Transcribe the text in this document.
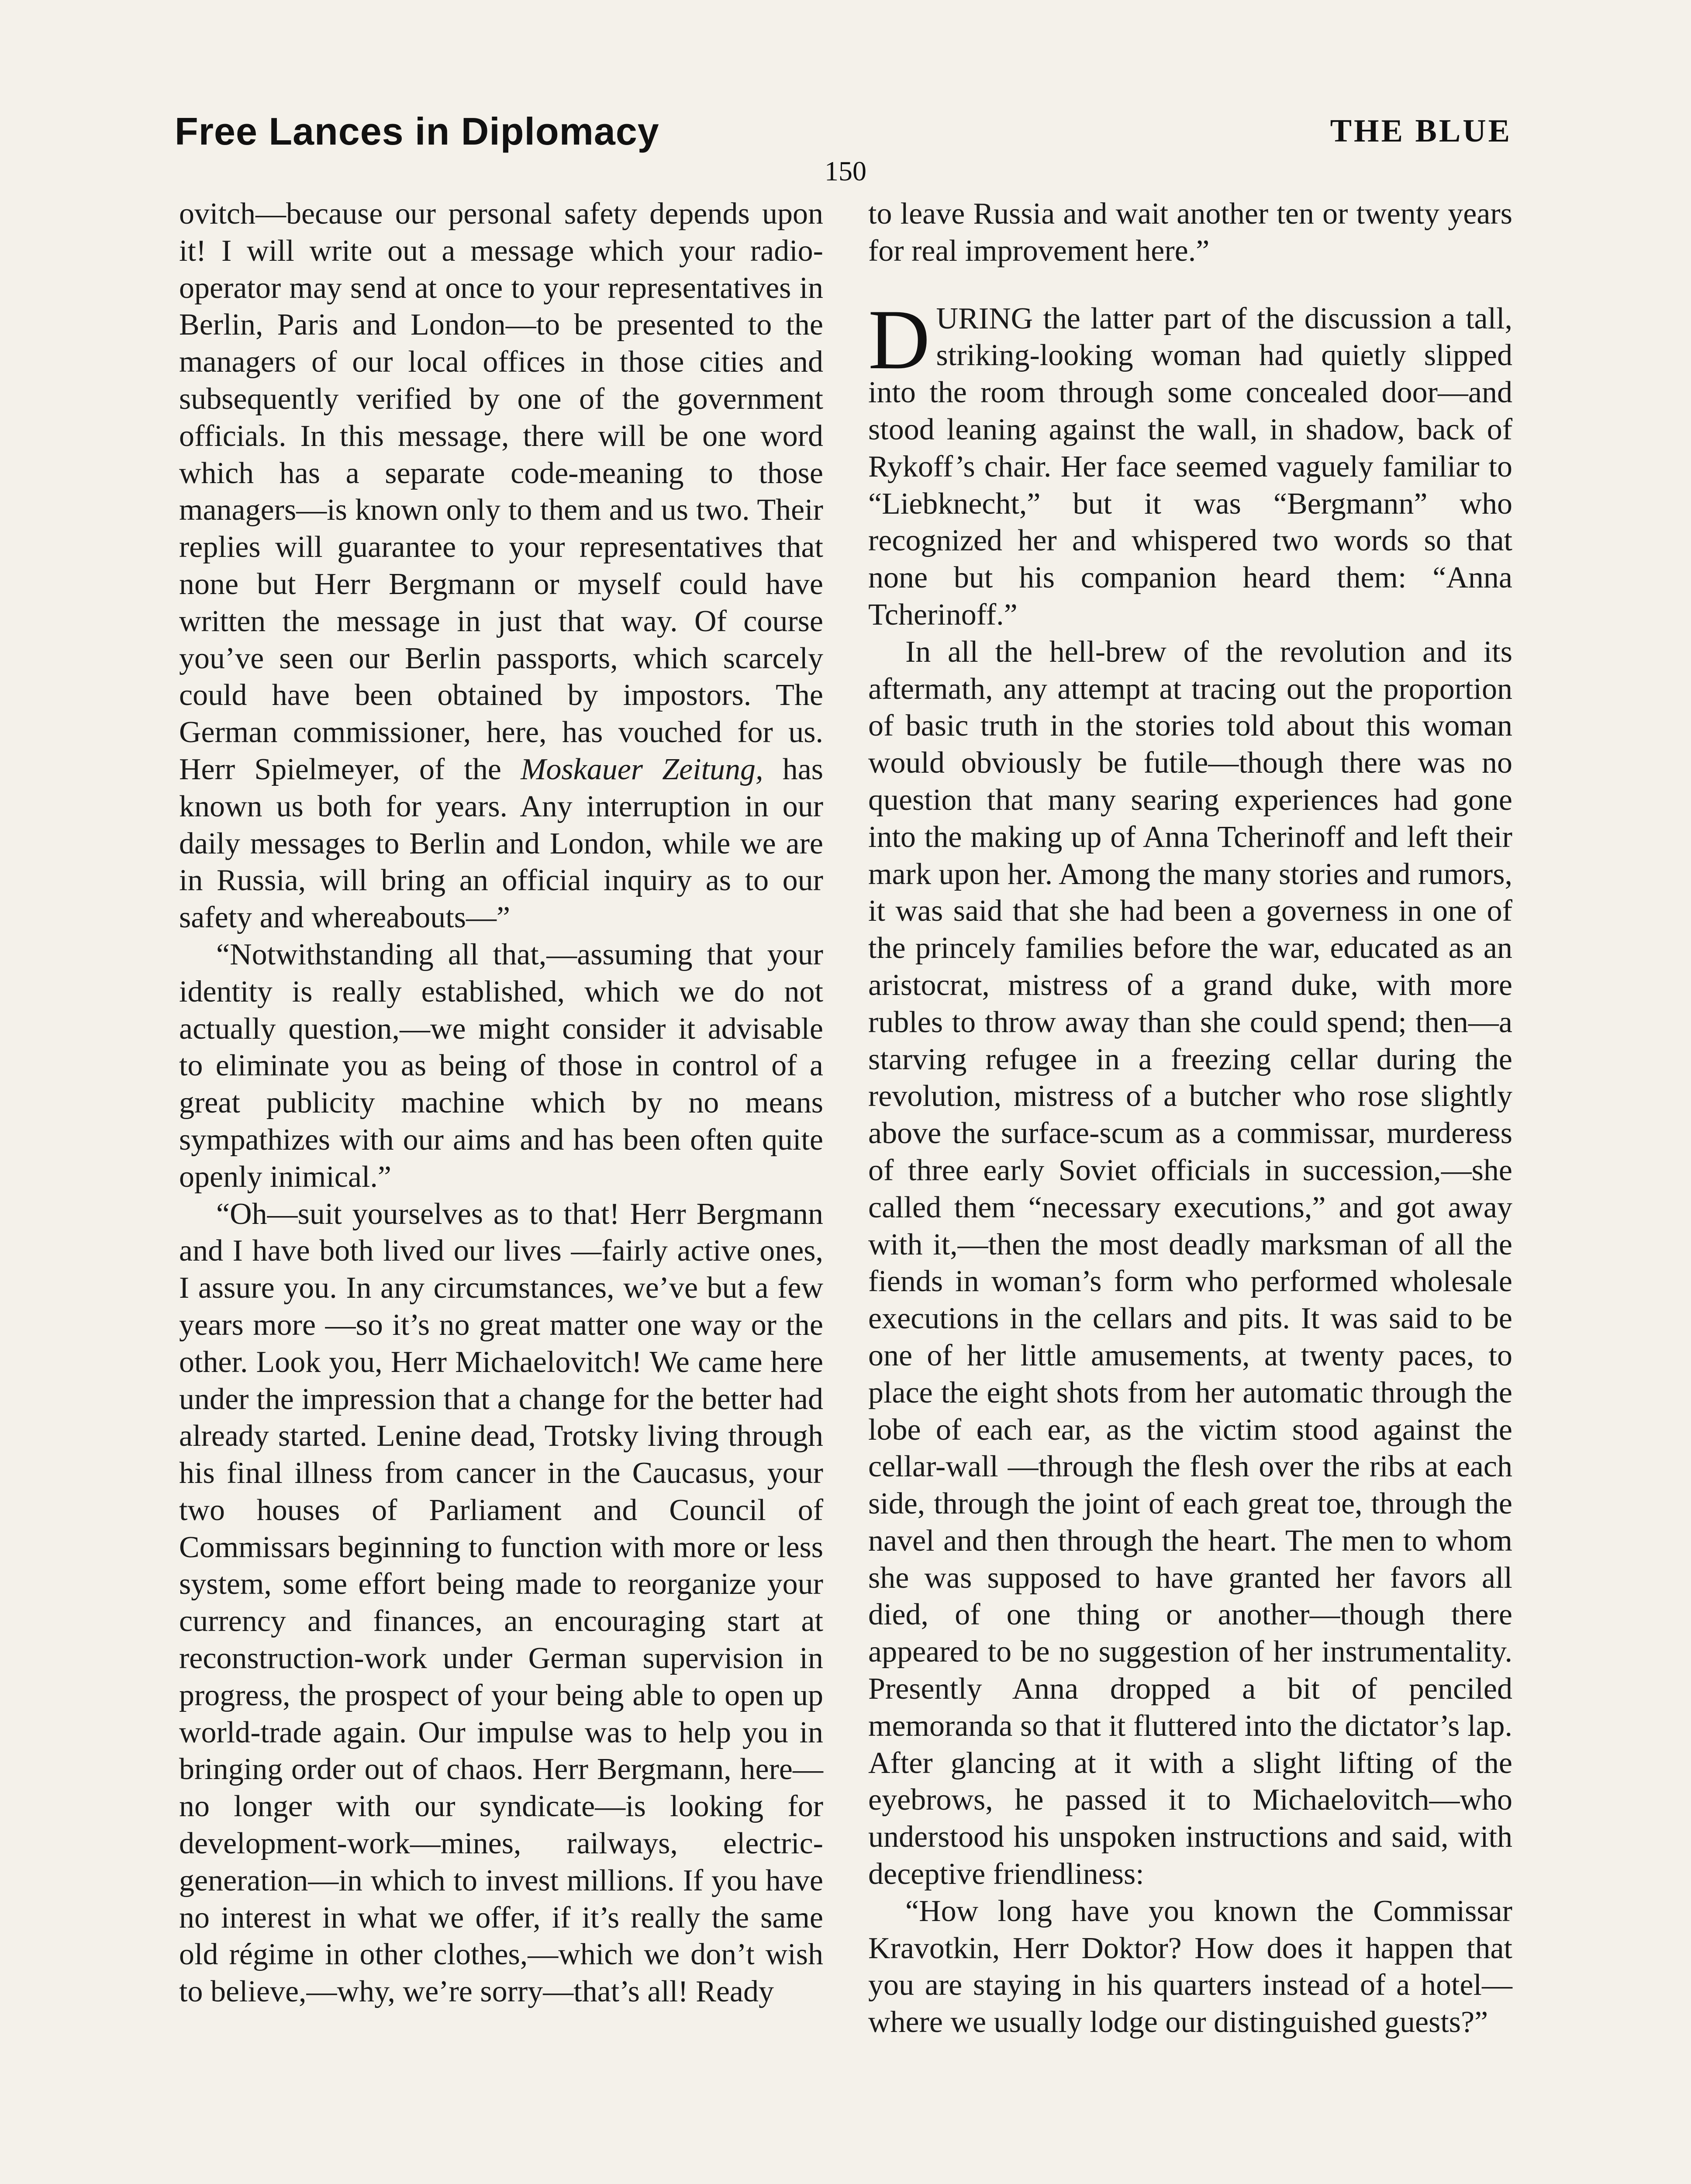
Free Lances in Diplomacy	THE BLUE
150

ovitch—because our personal safety depends upon it! I will write out a message which your radio-operator may send at once to your representatives in Berlin, Paris and London—to be presented to the managers of our local offices in those cities and subsequently verified by one of the government officials. In this message, there will be one word which has a separate code-meaning to those managers—is known only to them and us two. Their replies will guarantee to your representatives that none but Herr Bergmann or myself could have written the message in just that way. Of course you’ve seen our Berlin passports, which scarcely could have been obtained by impostors. The German commissioner, here, has vouched for us. Herr Spielmeyer, of the Moskauer Zeitung, has known us both for years. Any interruption in our daily messages to Berlin and London, while we are in Russia, will bring an official inquiry as to our safety and whereabouts—”

“Notwithstanding all that,—assuming that your identity is really established, which we do not actually question,—we might consider it advisable to eliminate you as being of those in control of a great publicity machine which by no means sympathizes with our aims and has been often quite openly inimical.”

“Oh—suit yourselves as to that! Herr Bergmann and I have both lived our lives —fairly active ones, I assure you. In any circumstances, we’ve but a few years more —so it’s no great matter one way or the other. Look you, Herr Michaelovitch! We came here under the impression that a change for the better had already started. Lenine dead, Trotsky living through his final illness from cancer in the Caucasus, your two houses of Parliament and Council of Commissars beginning to function with more or less system, some effort being made to reorganize your currency and finances, an encouraging start at reconstruction-work under German supervision in progress, the prospect of your being able to open up world-trade again. Our impulse was to help you in bringing order out of chaos. Herr Bergmann, here—no longer with our syndicate—is looking for development-work—mines, railways, electric-generation—in which to invest millions. If you have no interest in what we offer, if it’s really the same old régime in other clothes,—which we don’t wish to believe,—why, we’re sorry—that’s all! Ready

to leave Russia and wait another ten or twenty years for real improvement here.”

DURING the latter part of the discussion a tall, striking-looking woman had quietly slipped into the room through some concealed door—and stood leaning against the wall, in shadow, back of Rykoff’s chair. Her face seemed vaguely familiar to “Liebknecht,” but it was “Bergmann” who recognized her and whispered two words so that none but his companion heard them: “Anna Tcherinoff.”

In all the hell-brew of the revolution and its aftermath, any attempt at tracing out the proportion of basic truth in the stories told about this woman would obviously be futile—though there was no question that many searing experiences had gone into the making up of Anna Tcherinoff and left their mark upon her. Among the many stories and rumors, it was said that she had been a governess in one of the princely families before the war, educated as an aristocrat, mistress of a grand duke, with more rubles to throw away than she could spend; then—a starving refugee in a freezing cellar during the revolution, mistress of a butcher who rose slightly above the surface-scum as a commissar, murderess of three early Soviet officials in succession,—she called them “necessary executions,” and got away with it,—then the most deadly marksman of all the fiends in woman’s form who performed wholesale executions in the cellars and pits. It was said to be one of her little amusements, at twenty paces, to place the eight shots from her automatic through the lobe of each ear, as the victim stood against the cellar-wall —through the flesh over the ribs at each side, through the joint of each great toe, through the navel and then through the heart. The men to whom she was supposed to have granted her favors all died, of one thing or another—though there appeared to be no suggestion of her instrumentality. Presently Anna dropped a bit of penciled memoranda so that it fluttered into the dictator’s lap. After glancing at it with a slight lifting of the eyebrows, he passed it to Michaelovitch—who understood his unspoken instructions and said, with deceptive friendliness:

“How long have you known the Commissar Kravotkin, Herr Doktor? How does it happen that you are staying in his quarters instead of a hotel—where we usually lodge our distinguished guests?”
